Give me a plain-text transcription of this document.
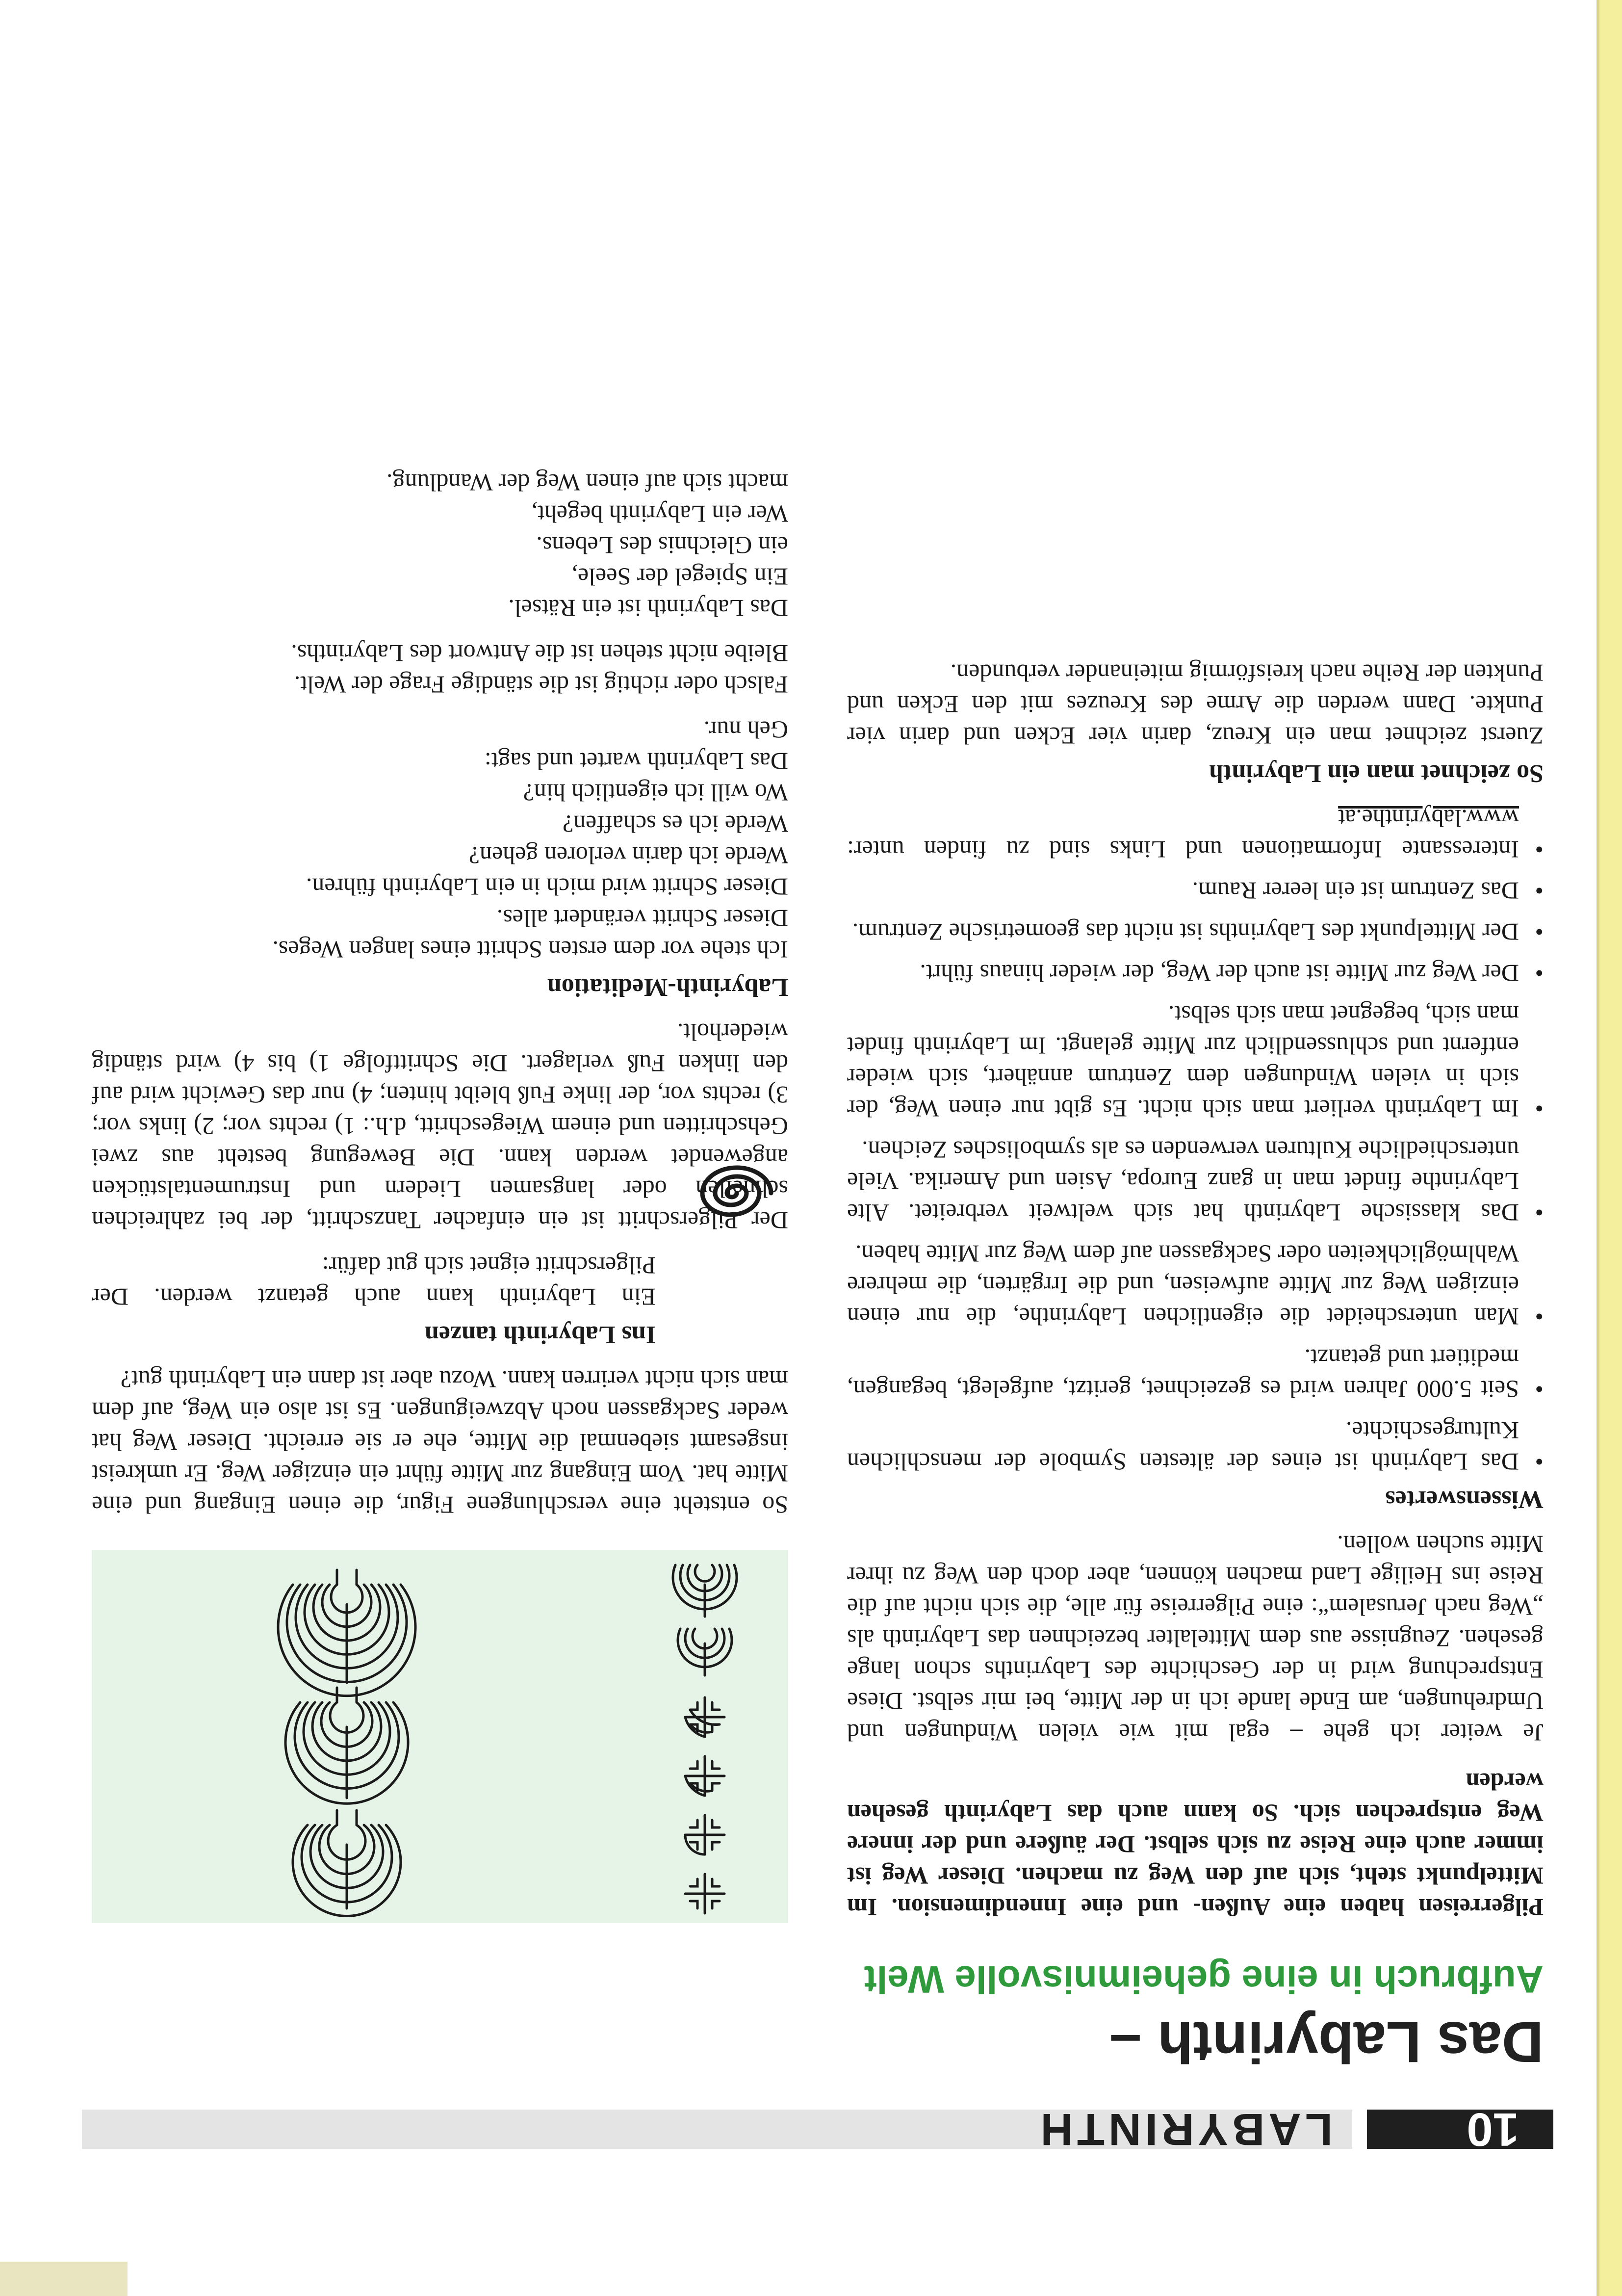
10
LABYRINTH
Das Labyrinth –
Aufbruch in eine geheimnisvolle Welt

Pilgerreisen haben eine Außen- und eine Innendimension. Im Mittelpunkt steht, sich auf den Weg zu machen. Dieser Weg ist immer auch eine Reise zu sich selbst. Der äußere und der innere Weg entsprechen sich. So kann auch das Labyrinth gesehen werden

Je weiter ich gehe – egal mit wie vielen Windungen und Umdrehungen, am Ende lande ich in der Mitte, bei mir selbst. Diese Entsprechung wird in der Geschichte des Labyrinths schon lange gesehen. Zeugnisse aus dem Mittelalter bezeichnen das Labyrinth als „Weg nach Jerusalem“: eine Pilgerreise für alle, die sich nicht auf die Reise ins Heilige Land machen können, aber doch den Weg zu ihrer Mitte suchen wollen.

Wissenswertes

• Das Labyrinth ist eines der ältesten Symbole der menschlichen Kulturgeschichte.

• Seit 5.000 Jahren wird es gezeichnet, geritzt, aufgelegt, begangen, meditiert und getanzt.

• Man unterscheidet die eigentlichen Labyrinthe, die nur einen einzigen Weg zur Mitte aufweisen, und die Irrgärten, die mehrere Wahlmöglichkeiten oder Sackgassen auf dem Weg zur Mitte haben.

• Das klassische Labyrinth hat sich weltweit verbreitet. Alte Labyrinthe findet man in ganz Europa, Asien und Amerika. Viele unterschiedliche Kulturen verwenden es als symbolisches Zeichen.

• Im Labyrinth verliert man sich nicht. Es gibt nur einen Weg, der sich in vielen Windungen dem Zentrum annähert, sich wieder entfernt und schlussendlich zur Mitte gelangt. Im Labyrinth findet man sich, begegnet man sich selbst.

• Der Weg zur Mitte ist auch der Weg, der wieder hinaus führt.

• Der Mittelpunkt des Labyrinths ist nicht das geometrische Zentrum.

• Das Zentrum ist ein leerer Raum.

• Interessante Informationen und Links sind zu finden unter: www.labyrinthe.at

So zeichnet man ein Labyrinth

Zuerst zeichnet man ein Kreuz, darin vier Ecken und darin vier Punkte. Dann werden die Arme des Kreuzes mit den Ecken und Punkten der Reihe nach kreisförmig miteinander verbunden.

So entsteht eine verschlungene Figur, die einen Eingang und eine Mitte hat. Vom Eingang zur Mitte führt ein einziger Weg. Er umkreist insgesamt siebenmal die Mitte, ehe er sie erreicht. Dieser Weg hat weder Sackgassen noch Abzweigungen. Es ist also ein Weg, auf dem man sich nicht verirren kann. Wozu aber ist dann ein Labyrinth gut?

Ins Labyrinth tanzen

Ein Labyrinth kann auch getanzt werden. Der Pilgerschritt eignet sich gut dafür:

Der Pilgerschritt ist ein einfacher Tanzschritt, der bei zahlreichen schnellen oder langsamen Liedern und Instrumentalstücken angewendet werden kann. Die Bewegung besteht aus zwei Gehschritten und einem Wiegeschritt, d.h.: 1) rechts vor; 2) links vor; 3) rechts vor, der linke Fuß bleibt hinten; 4) nur das Gewicht wird auf den linken Fuß verlagert. Die Schrittfolge 1) bis 4) wird ständig wiederholt.

Labyrinth-Meditation

Ich stehe vor dem ersten Schritt eines langen Weges.

Dieser Schritt verändert alles.

Dieser Schritt wird mich in ein Labyrinth führen.

Werde ich darin verloren gehen?

Werde ich es schaffen?

Wo will ich eigentlich hin?

Das Labyrinth wartet und sagt:

Geh nur.

Falsch oder richtig ist die ständige Frage der Welt.

Bleibe nicht stehen ist die Antwort des Labyrinths.

Das Labyrinth ist ein Rätsel.

Ein Spiegel der Seele,

ein Gleichnis des Lebens.

Wer ein Labyrinth begeht,

macht sich auf einen Weg der Wandlung.
